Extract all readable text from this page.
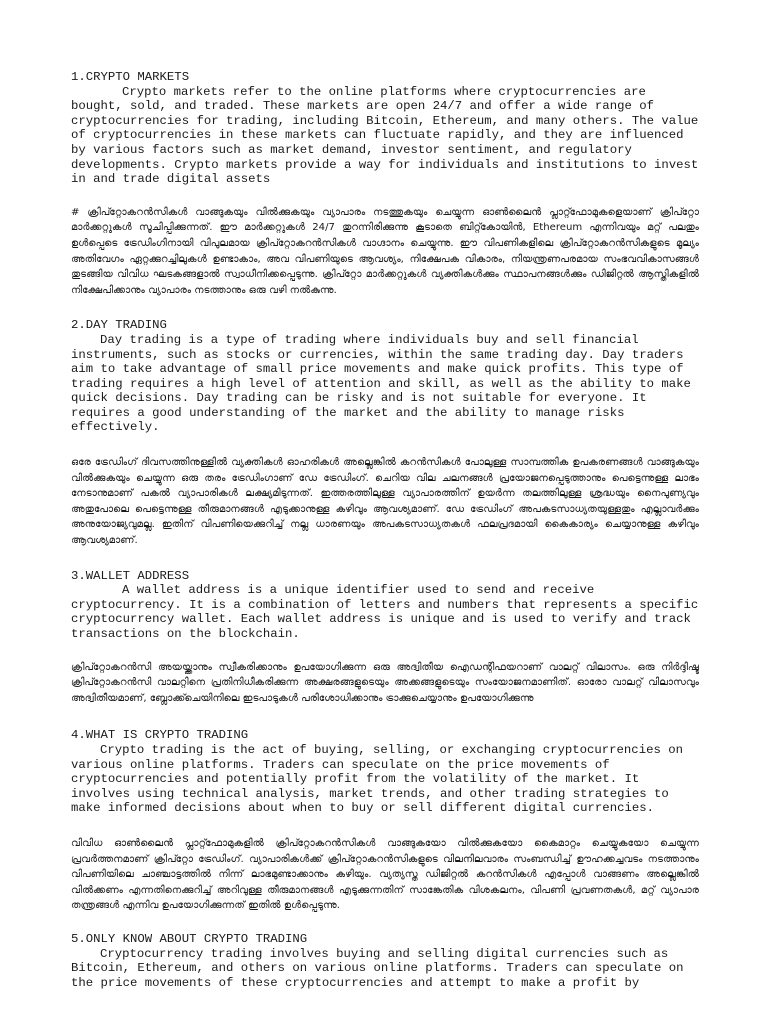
1.CRYPTO MARKETS

Crypto markets refer to the online platforms where cryptocurrencies are bought, sold, and traded. These markets are open 24/7 and offer a wide range of cryptocurrencies for trading, including Bitcoin, Ethereum, and many others. The value of cryptocurrencies in these markets can fluctuate rapidly, and they are influenced by various factors such as market demand, investor sentiment, and regulatory developments. Crypto markets provide a way for individuals and institutions to invest in and trade digital assets

# ക്രിപ്റ്റോകറൻസികൾ വാങ്ങുകയും വിൽക്കുകയും വ്യാപാരം നടത്തുകയും ചെയ്യുന്ന ഓൺലൈൻ പ്ലാറ്റ്ഫോമുകളെയാണ് ക്രിപ്റ്റോ മാർക്കറ്റുകൾ സൂചിപ്പിക്കുന്നത്. ഈ മാർക്കറ്റുകൾ 24/7 തുറന്നിരിക്കുന്നു കൂടാതെ ബിറ്റ്കോയിൻ, Ethereum എന്നിവയും മറ്റ് പലതും ഉൾപ്പെടെ ട്രേഡിംഗിനായി വിപുലമായ ക്രിപ്റ്റോകറൻസികൾ വാഗ്ദാനം ചെയ്യുന്നു. ഈ വിപണികളിലെ ക്രിപ്റ്റോകറൻസികളുടെ മൂല്യം അതിവേഗം ഏറ്റക്കുറച്ചിലുകൾ ഉണ്ടാകാം, അവ വിപണിയുടെ ആവശ്യം, നിക്ഷേപക വികാരം, നിയന്ത്രണപരമായ സംഭവവികാസങ്ങൾ തുടങ്ങിയ വിവിധ ഘടകങ്ങളാൽ സ്വാധീനിക്കപ്പെടുന്നു. ക്രിപ്റ്റോ മാർക്കറ്റുകൾ വ്യക്തികൾക്കും സ്ഥാപനങ്ങൾക്കും ഡിജിറ്റൽ ആസ്തികളിൽ നിക്ഷേപിക്കാനും വ്യാപാരം നടത്താനും ഒരു വഴി നൽകുന്നു.

2.DAY TRADING

Day trading is a type of trading where individuals buy and sell financial instruments, such as stocks or currencies, within the same trading day. Day traders aim to take advantage of small price movements and make quick profits. This type of trading requires a high level of attention and skill, as well as the ability to make quick decisions. Day trading can be risky and is not suitable for everyone. It requires a good understanding of the market and the ability to manage risks effectively.

ഒരേ ട്രേഡിംഗ് ദിവസത്തിനുള്ളിൽ വ്യക്തികൾ ഓഹരികൾ അല്ലെങ്കിൽ കറൻസികൾ പോലുള്ള സാമ്പത്തിക ഉപകരണങ്ങൾ വാങ്ങുകയും വിൽക്കുകയും ചെയ്യുന്ന ഒരു തരം ട്രേഡിംഗാണ് ഡേ ട്രേഡിംഗ്. ചെറിയ വില ചലനങ്ങൾ പ്രയോജനപ്പെടുത്താനും പെട്ടെന്നുള്ള ലാഭം നേടാനുമാണ് പകൽ വ്യാപാരികൾ ലക്ഷ്യമിടുന്നത്. ഇത്തരത്തിലുള്ള വ്യാപാരത്തിന് ഉയർന്ന തലത്തിലുള്ള ശ്രദ്ധയും നൈപുണ്യവും അതുപോലെ പെട്ടെന്നുള്ള തീരുമാനങ്ങൾ എടുക്കാനുള്ള കഴിവും ആവശ്യമാണ്. ഡേ ട്രേഡിംഗ് അപകടസാധ്യതയുള്ളതും എല്ലാവർക്കും അനുയോജ്യവുമല്ല. ഇതിന് വിപണിയെക്കുറിച്ച് നല്ല ധാരണയും അപകടസാധ്യതകൾ ഫലപ്രദമായി കൈകാര്യം ചെയ്യാനുള്ള കഴിവും ആവശ്യമാണ്.

3.WALLET ADDRESS

A wallet address is a unique identifier used to send and receive cryptocurrency. It is a combination of letters and numbers that represents a specific cryptocurrency wallet. Each wallet address is unique and is used to verify and track transactions on the blockchain.

ക്രിപ്റ്റോകറൻസി അയയ്ക്കാനും സ്വീകരിക്കാനും ഉപയോഗിക്കുന്ന ഒരു അദ്വിതീയ ഐഡന്റിഫയറാണ് വാലറ്റ് വിലാസം. ഒരു നിർദ്ദിഷ്ട ക്രിപ്റ്റോകറൻസി വാലറ്റിനെ പ്രതിനിധീകരിക്കുന്ന അക്ഷരങ്ങളുടെയും അക്കങ്ങളുടെയും സംയോജനമാണിത്. ഓരോ വാലറ്റ് വിലാസവും അദ്വിതീയമാണ്, ബ്ലോക്ക്ചെയിനിലെ ഇടപാടുകൾ പരിശോധിക്കാനും ട്രാക്കുചെയ്യാനും ഉപയോഗിക്കുന്നു

4.WHAT IS CRYPTO TRADING

Crypto trading is the act of buying, selling, or exchanging cryptocurrencies on various online platforms. Traders can speculate on the price movements of cryptocurrencies and potentially profit from the volatility of the market. It involves using technical analysis, market trends, and other trading strategies to make informed decisions about when to buy or sell different digital currencies.

വിവിധ ഓൺലൈൻ പ്ലാറ്റ്ഫോമുകളിൽ ക്രിപ്റ്റോകറൻസികൾ വാങ്ങുകയോ വിൽക്കുകയോ കൈമാറ്റം ചെയ്യുകയോ ചെയ്യുന്ന പ്രവർത്തനമാണ് ക്രിപ്റ്റോ ട്രേഡിംഗ്. വ്യാപാരികൾക്ക് ക്രിപ്റ്റോകറൻസികളുടെ വിലനിലവാരം സംബന്ധിച്ച് ഊഹക്കച്ചവടം നടത്താനും വിപണിയിലെ ചാഞ്ചാട്ടത്തിൽ നിന്ന് ലാഭമുണ്ടാക്കാനും കഴിയും. വ്യത്യസ്ത ഡിജിറ്റൽ കറൻസികൾ എപ്പോൾ വാങ്ങണം അല്ലെങ്കിൽ വിൽക്കണം എന്നതിനെക്കുറിച്ച് അറിവുള്ള തീരുമാനങ്ങൾ എടുക്കുന്നതിന് സാങ്കേതിക വിശകലനം, വിപണി പ്രവണതകൾ, മറ്റ് വ്യാപാര തന്ത്രങ്ങൾ എന്നിവ ഉപയോഗിക്കുന്നത് ഇതിൽ ഉൾപ്പെടുന്നു.

5.ONLY KNOW ABOUT CRYPTO TRADING

Cryptocurrency trading involves buying and selling digital currencies such as Bitcoin, Ethereum, and others on various online platforms. Traders can speculate on the price movements of these cryptocurrencies and attempt to make a profit by
